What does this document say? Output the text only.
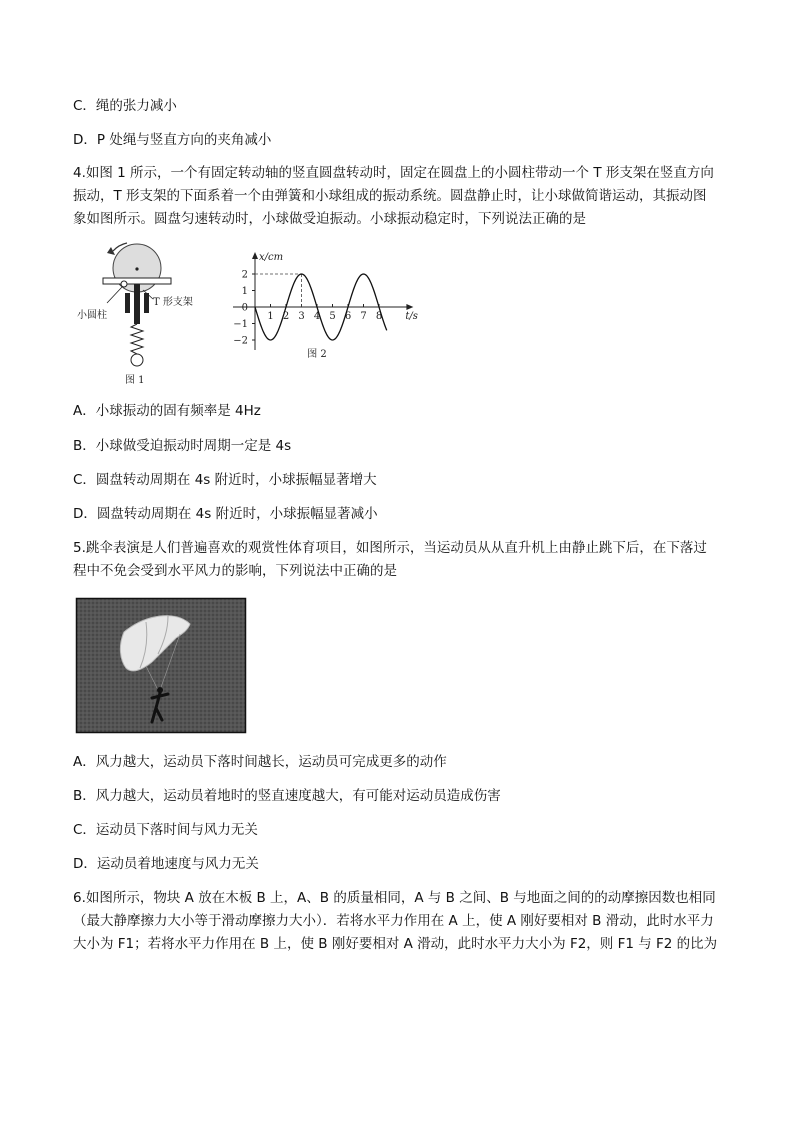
C．绳的张力减小
D．P 处绳与竖直方向的夹角减小
4.如图 1 所示，一个有固定转动轴的竖直圆盘转动时，固定在圆盘上的小圆柱带动一个 T 形支架在竖直方向
振动，T 形支架的下面系着一个由弹簧和小球组成的振动系统。圆盘静止时，让小球做简谐运动，其振动图
象如图所示。圆盘匀速转动时，小球做受迫振动。小球振动稳定时，下列说法正确的是
小圆柱
T 形支架
图 1
x/cm
t/s
2
1
0
−1
−2
1 2 3 4 5 6 7 8
图 2
A．小球振动的固有频率是 4Hz
B．小球做受迫振动时周期一定是 4s
C．圆盘转动周期在 4s 附近时，小球振幅显著增大
D．圆盘转动周期在 4s 附近时，小球振幅显著减小
5.跳伞表演是人们普遍喜欢的观赏性体育项目，如图所示，当运动员从从直升机上由静止跳下后，在下落过
程中不免会受到水平风力的影响，下列说法中正确的是
A．风力越大，运动员下落时间越长，运动员可完成更多的动作
B．风力越大，运动员着地时的竖直速度越大，有可能对运动员造成伤害
C．运动员下落时间与风力无关
D．运动员着地速度与风力无关
6.如图所示，物块 A 放在木板 B 上，A、B 的质量相同，A 与 B 之间、B 与地面之间的的动摩擦因数也相同
（最大静摩擦力大小等于滑动摩擦力大小）．若将水平力作用在 A 上，使 A 刚好要相对 B 滑动，此时水平力
大小为 F1；若将水平力作用在 B 上，使 B 刚好要相对 A 滑动，此时水平力大小为 F2，则 F1 与 F2 的比为
